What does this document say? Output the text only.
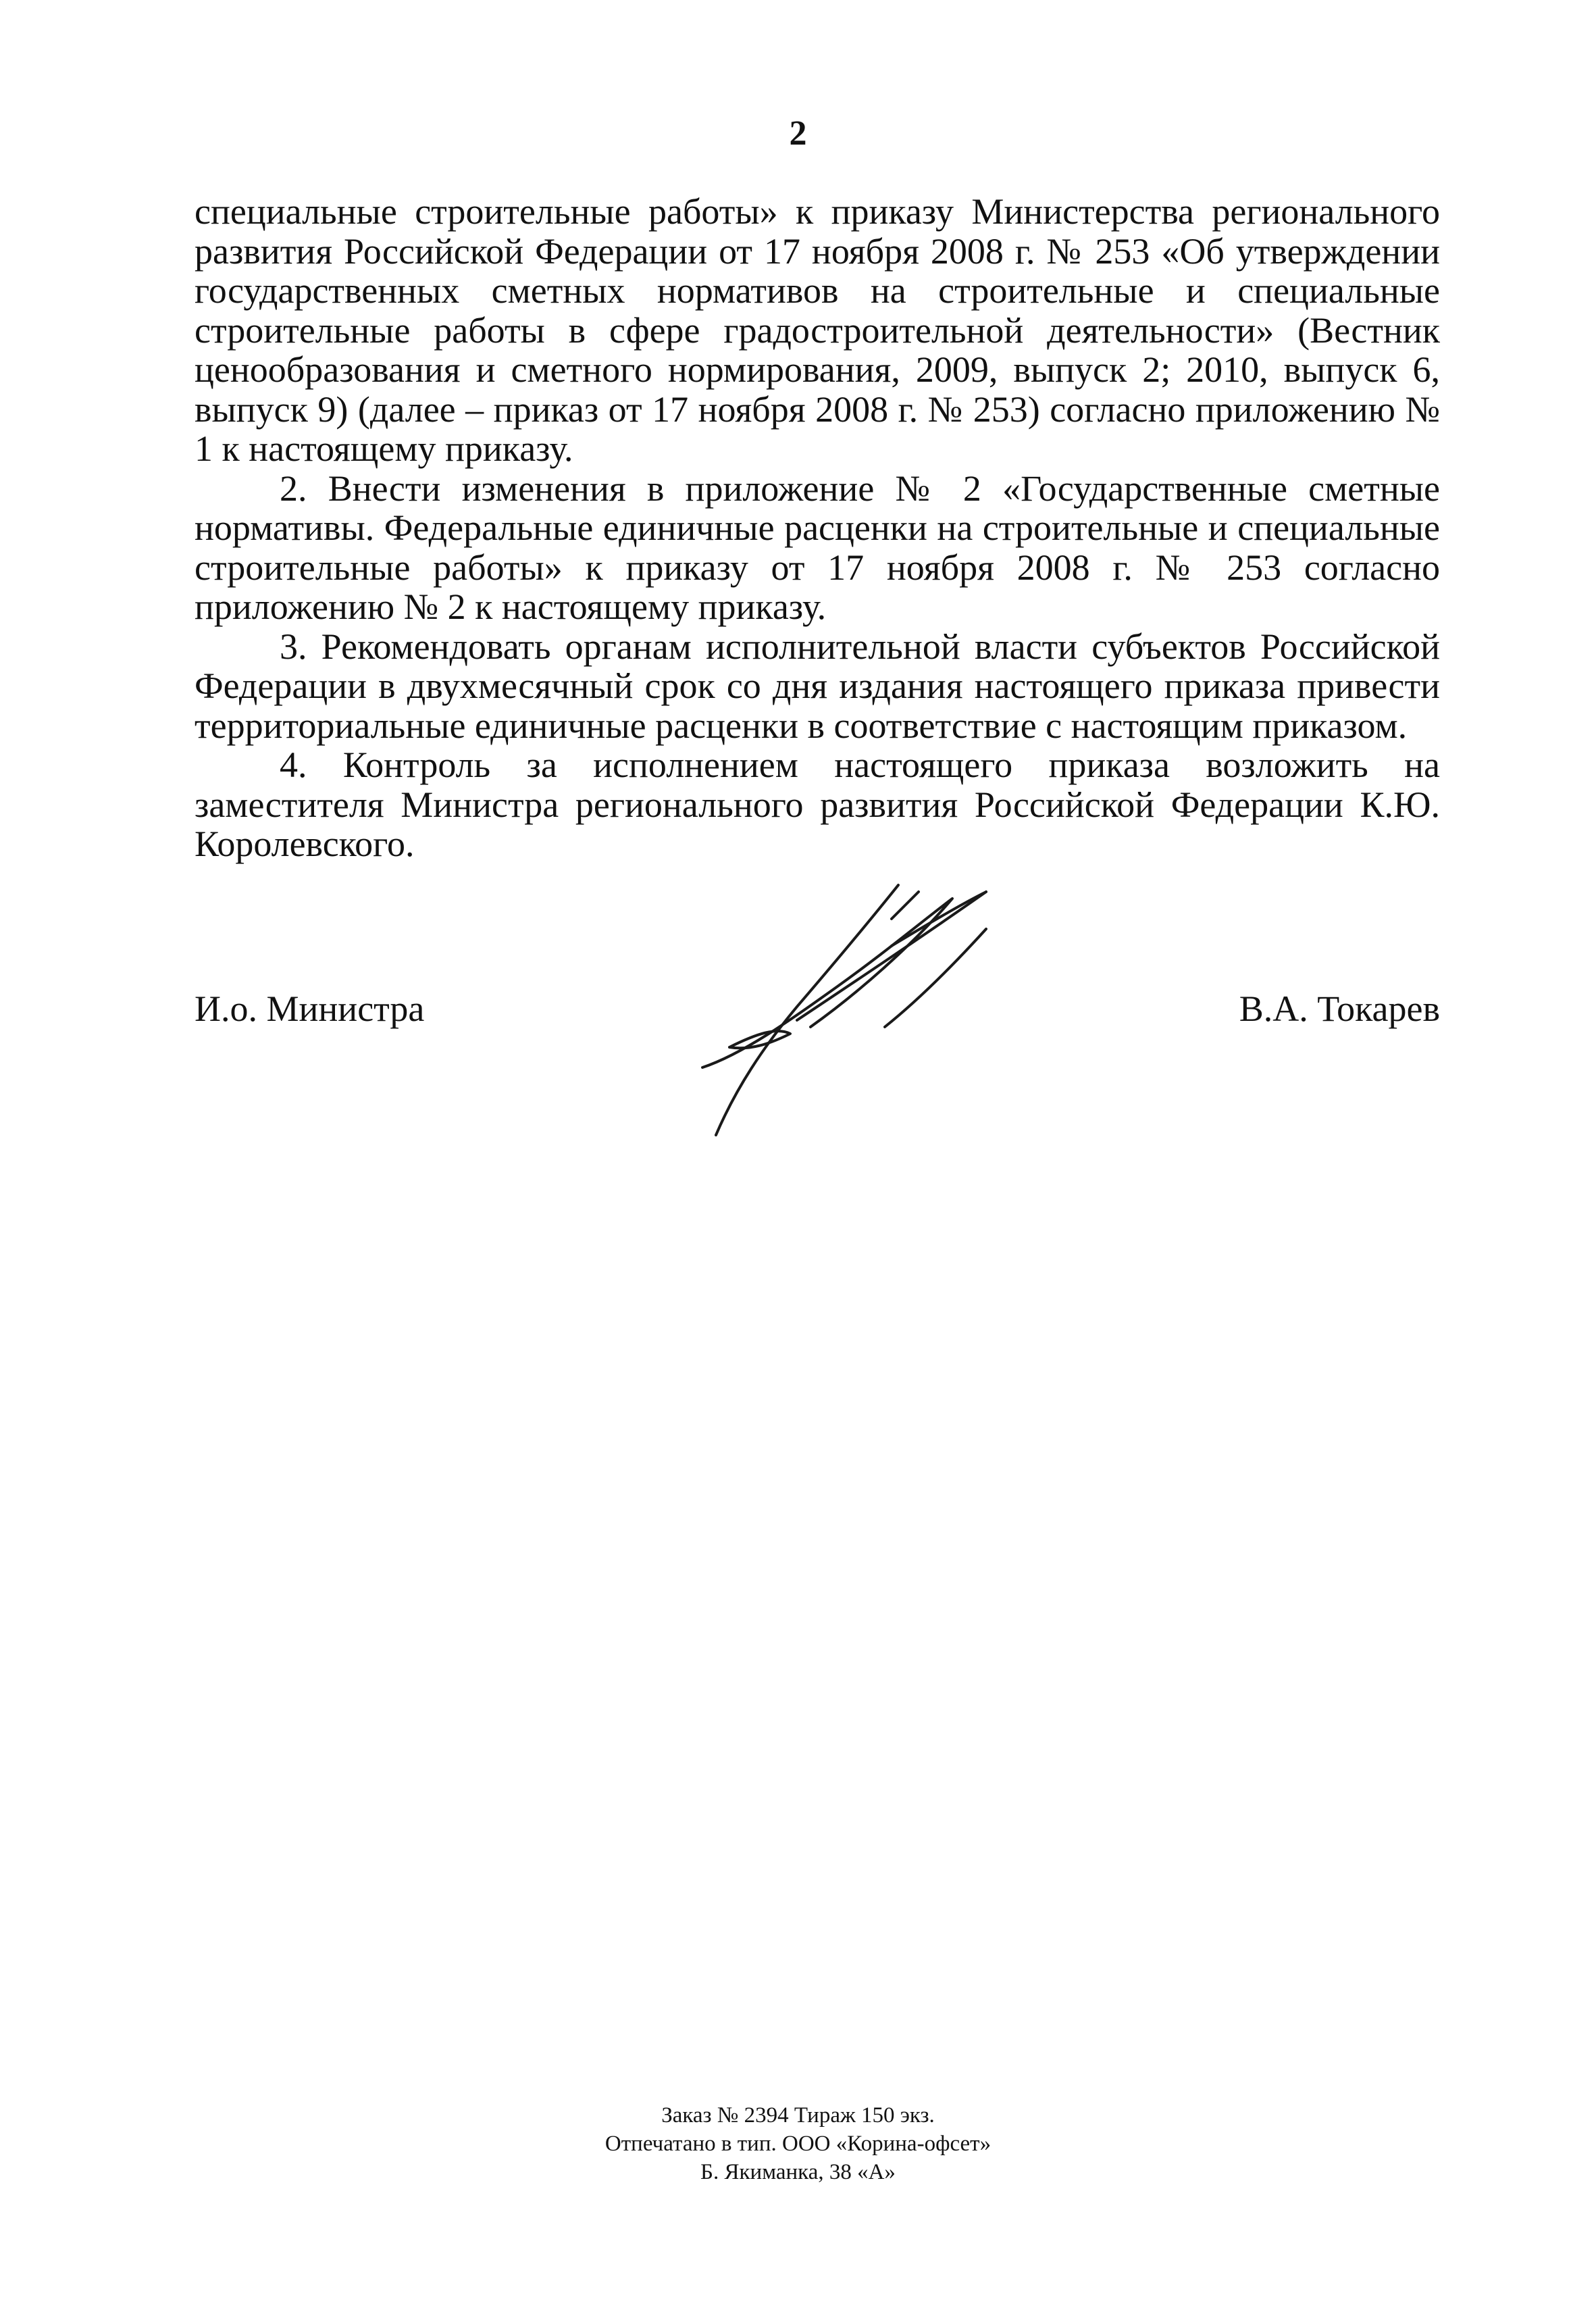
2

специальные строительные работы» к приказу Министерства регионального развития Российской Федерации от 17 ноября 2008 г. № 253 «Об утверждении государственных сметных нормативов на строительные и специальные строительные работы в сфере градостроительной деятельности» (Вестник ценообразования и сметного нормирования, 2009, выпуск 2; 2010, выпуск 6, выпуск 9) (далее – приказ от 17 ноября 2008 г. № 253) согласно приложению № 1 к настоящему приказу.

2. Внести изменения в приложение № 2 «Государственные сметные нормативы. Федеральные единичные расценки на строительные и специальные строительные работы» к приказу от 17 ноября 2008 г. № 253 согласно приложению № 2 к настоящему приказу.

3. Рекомендовать органам исполнительной власти субъектов Российской Федерации в двухмесячный срок со дня издания настоящего приказа привести территориальные единичные расценки в соответствие с настоящим приказом.

4. Контроль за исполнением настоящего приказа возложить на заместителя Министра регионального развития Российской Федерации К.Ю. Королевского.

И.о. Министра	В.А. Токарев
Заказ № 2394 Тираж 150 экз.
Отпечатано в тип. ООО «Корина-офсет»
Б. Якиманка, 38 «А»
